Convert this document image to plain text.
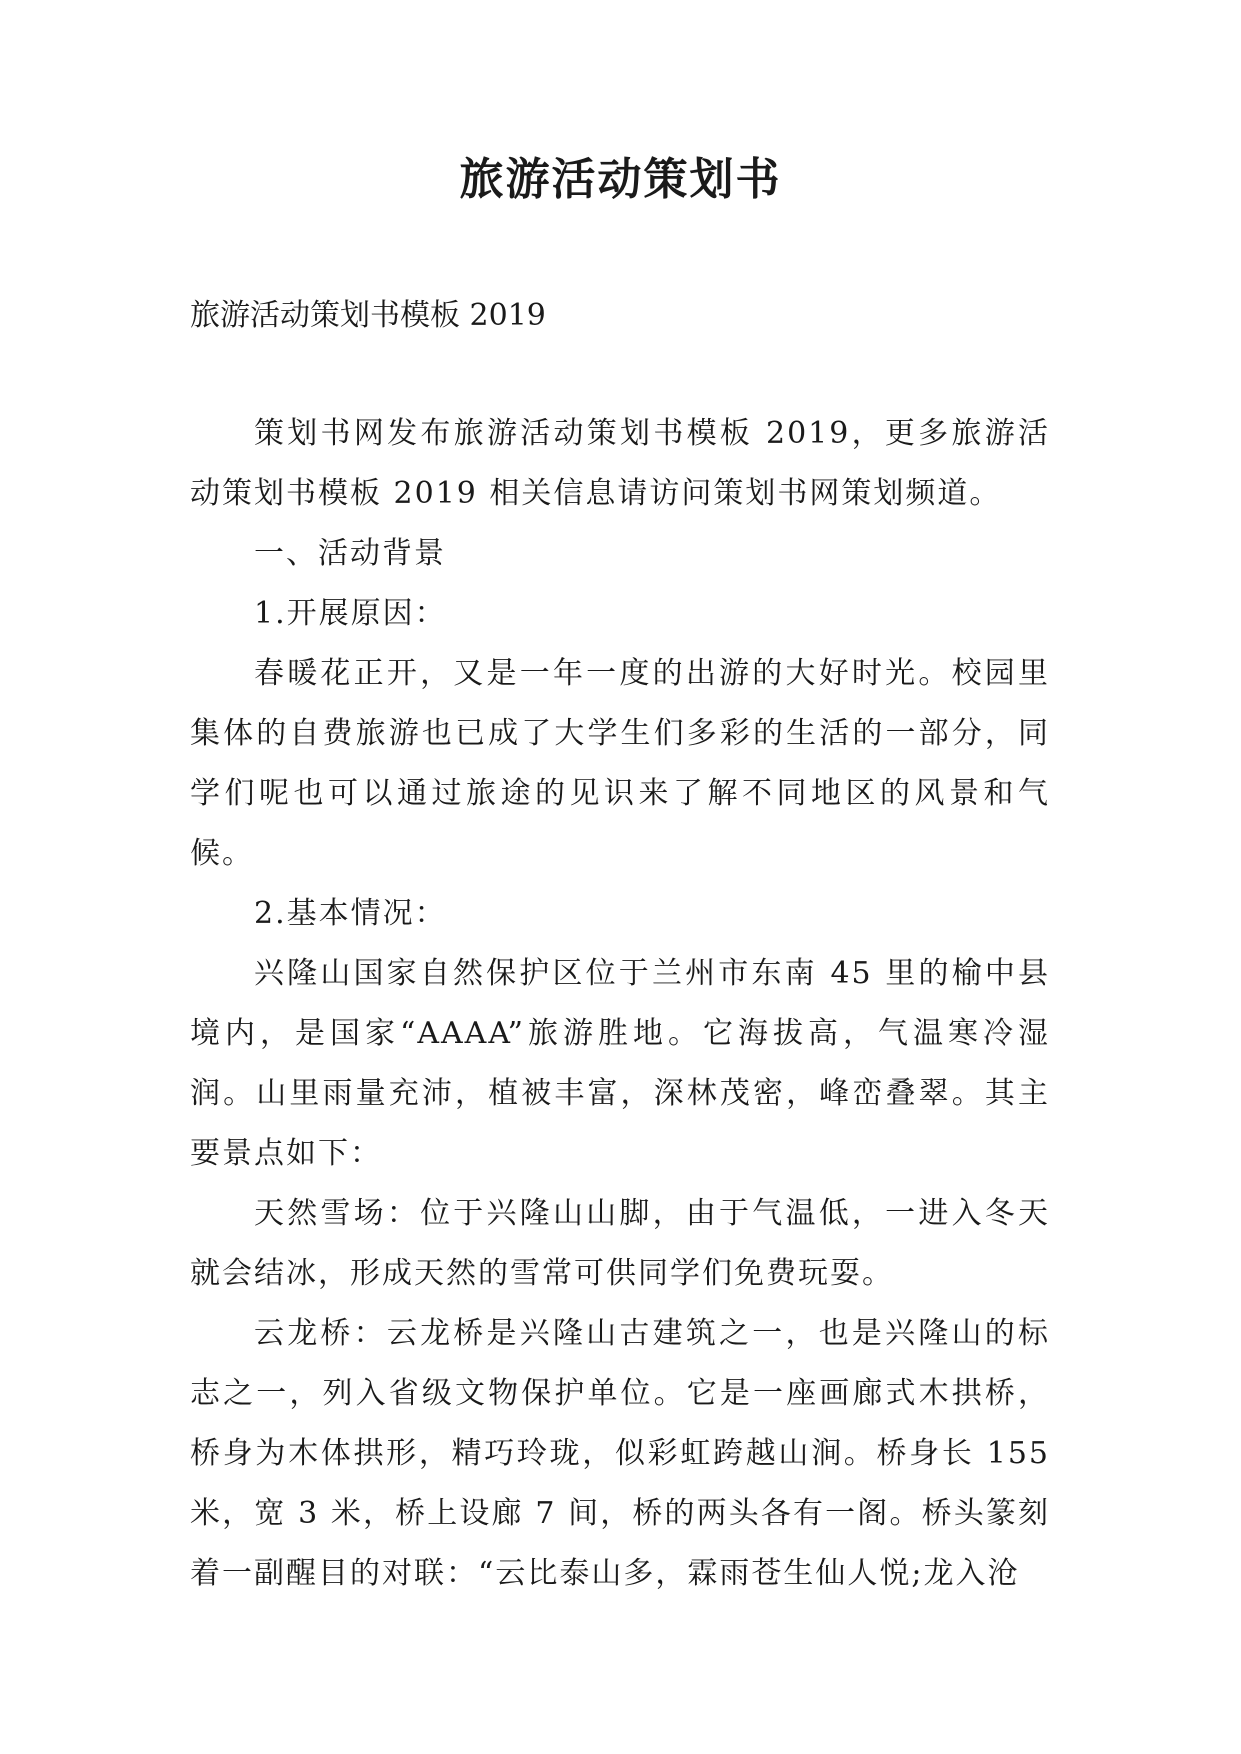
旅游活动策划书
旅游活动策划书模板 2019

策划书网发布旅游活动策划书模板 2019，更多旅游活动策划书模板 2019 相关信息请访问策划书网策划频道。

一、活动背景

1.开展原因：

春暖花正开，又是一年一度的出游的大好时光。校园里集体的自费旅游也已成了大学生们多彩的生活的一部分，同学们呢也可以通过旅途的见识来了解不同地区的风景和气候。

2.基本情况：

兴隆山国家自然保护区位于兰州市东南 45 里的榆中县境内，是国家“AAAA”旅游胜地。它海拔高，气温寒冷湿润。山里雨量充沛，植被丰富，深林茂密，峰峦叠翠。其主要景点如下：

天然雪场：位于兴隆山山脚，由于气温低，一进入冬天就会结冰，形成天然的雪常可供同学们免费玩耍。

云龙桥：云龙桥是兴隆山古建筑之一，也是兴隆山的标志之一，列入省级文物保护单位。它是一座画廊式木拱桥，桥身为木体拱形，精巧玲珑，似彩虹跨越山涧。桥身长 155 米，宽 3 米，桥上设廊 7 间，桥的两头各有一阁。桥头篆刻着一副醒目的对联：“云比泰山多，霖雨苍生仙人悦;龙入沧
